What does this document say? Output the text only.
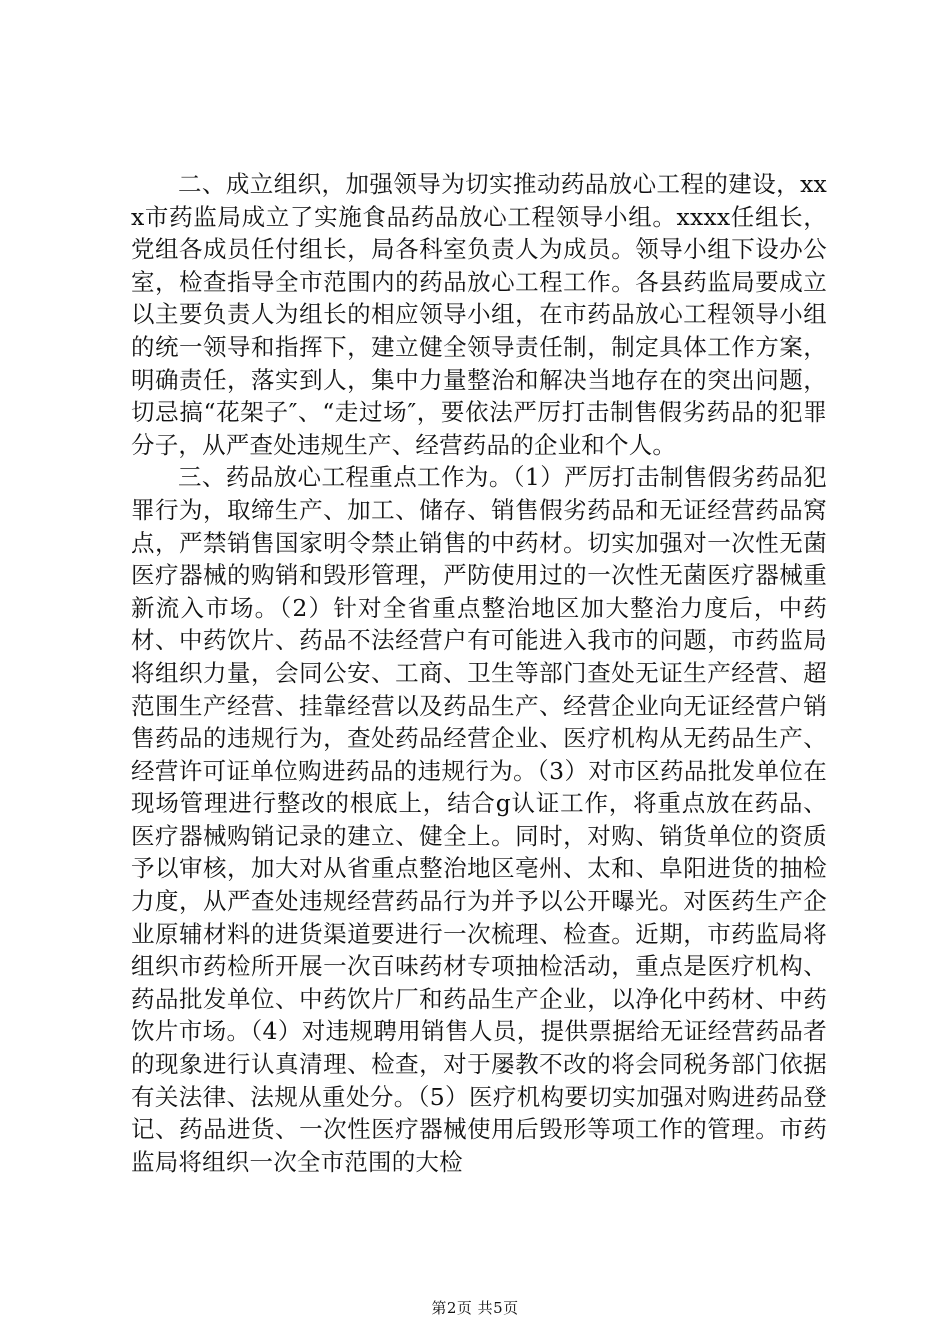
二、成立组织，加强领导为切实推动药品放心工程的建设，xxx市药监局成立了实施食品药品放心工程领导小组。xxxx任组长，党组各成员任付组长，局各科室负责人为成员。领导小组下设办公室，检查指导全市范围内的药品放心工程工作。各县药监局要成立以主要负责人为组长的相应领导小组，在市药品放心工程领导小组的统一领导和指挥下，建立健全领导责任制，制定具体工作方案，明确责任，落实到人，集中力量整治和解决当地存在的突出问题，切忌搞“花架子″、“走过场″，要依法严厉打击制售假劣药品的犯罪分子，从严查处违规生产、经营药品的企业和个人。

三、药品放心工程重点工作为。（1）严厉打击制售假劣药品犯罪行为，取缔生产、加工、储存、销售假劣药品和无证经营药品窝点，严禁销售国家明令禁止销售的中药材。切实加强对一次性无菌医疗器械的购销和毁形管理，严防使用过的一次性无菌医疗器械重新流入市场。（2）针对全省重点整治地区加大整治力度后，中药材、中药饮片、药品不法经营户有可能进入我市的问题，市药监局将组织力量，会同公安、工商、卫生等部门查处无证生产经营、超范围生产经营、挂靠经营以及药品生产、经营企业向无证经营户销售药品的违规行为，查处药品经营企业、医疗机构从无药品生产、经营许可证单位购进药品的违规行为。（3）对市区药品批发单位在现场管理进行整改的根底上，结合g认证工作，将重点放在药品、医疗器械购销记录的建立、健全上。同时，对购、销货单位的资质予以审核，加大对从省重点整治地区亳州、太和、阜阳进货的抽检力度，从严查处违规经营药品行为并予以公开曝光。对医药生产企业原辅材料的进货渠道要进行一次梳理、检查。近期，市药监局将组织市药检所开展一次百味药材专项抽检活动，重点是医疗机构、药品批发单位、中药饮片厂和药品生产企业，以净化中药材、中药饮片市场。（4）对违规聘用销售人员，提供票据给无证经营药品者的现象进行认真清理、检查，对于屡教不改的将会同税务部门依据有关法律、法规从重处分。（5）医疗机构要切实加强对购进药品登记、药品进货、一次性医疗器械使用后毁形等项工作的管理。市药监局将组织一次全市范围的大检

第2页 共5页
